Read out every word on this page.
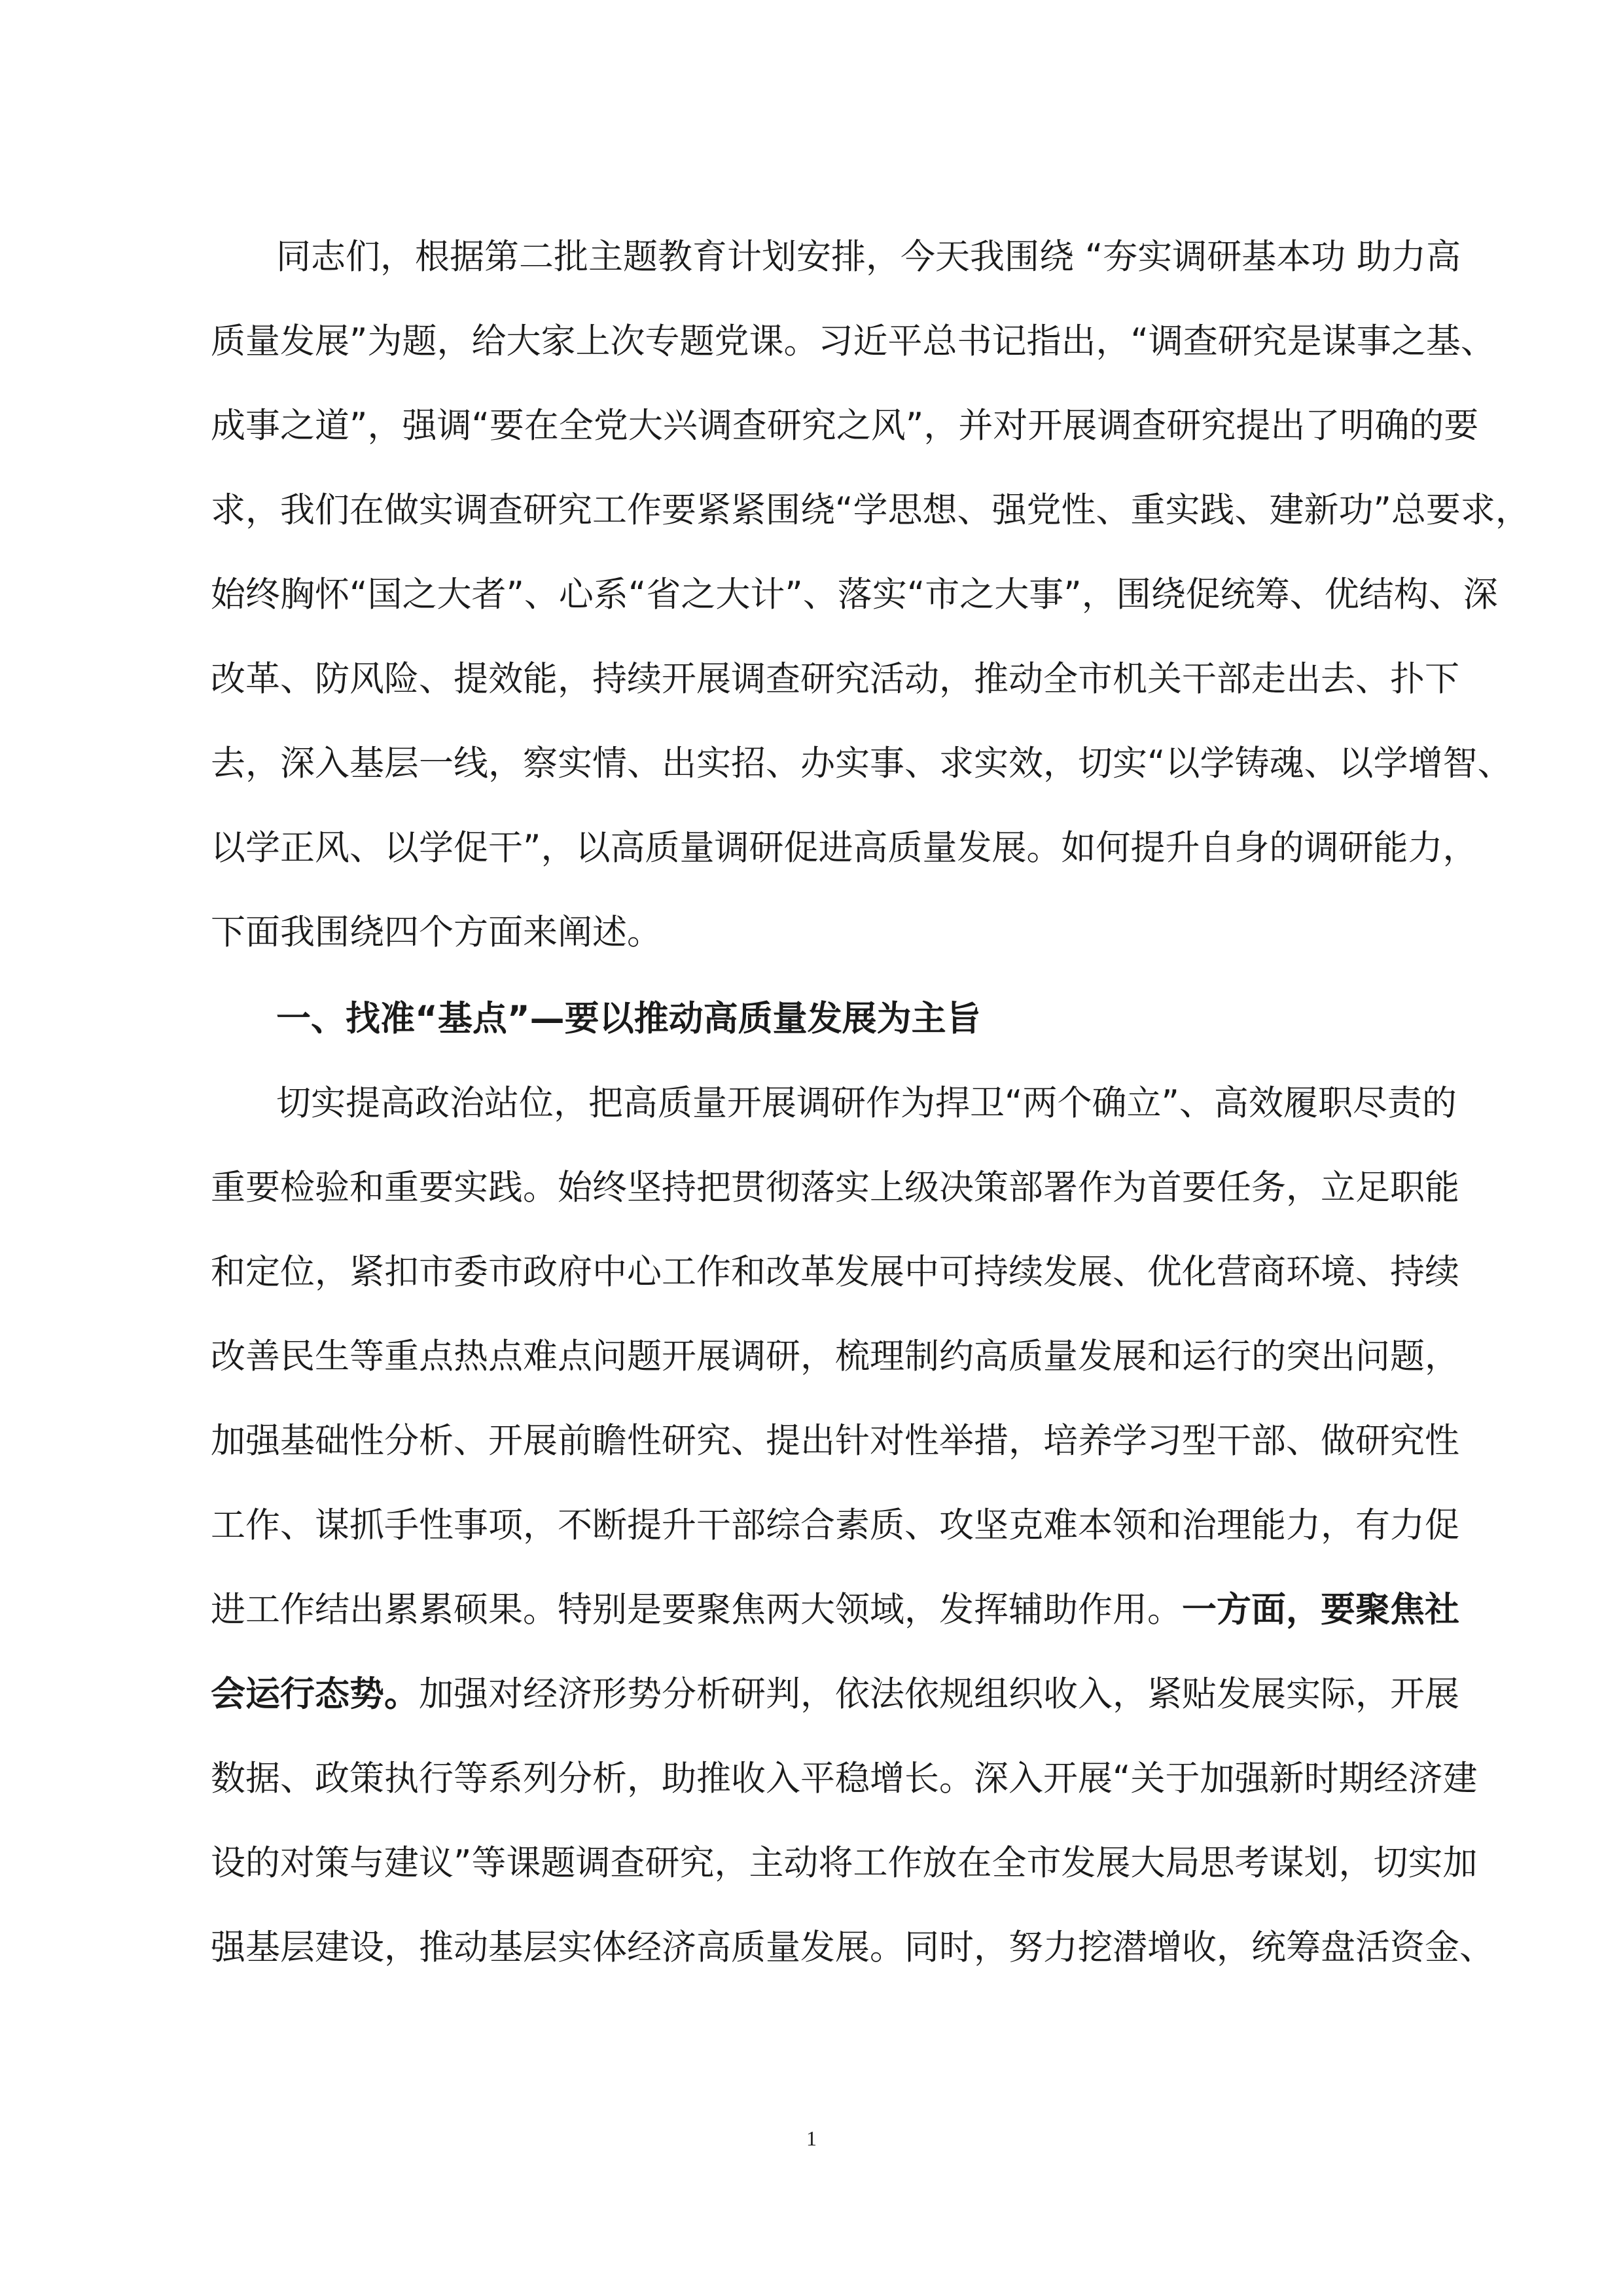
同志们，根据第二批主题教育计划安排，今天我围绕 “夯实调研基本功 助力高
质量发展”为题，给大家上次专题党课。习近平总书记指出，“调查研究是谋事之基、
成事之道”，强调“要在全党大兴调查研究之风”，并对开展调查研究提出了明确的要
求，我们在做实调查研究工作要紧紧围绕“学思想、强党性、重实践、建新功”总要求，
始终胸怀“国之大者”、心系“省之大计”、落实“市之大事”，围绕促统筹、优结构、深
改革、防风险、提效能，持续开展调查研究活动，推动全市机关干部走出去、扑下
去，深入基层一线，察实情、出实招、办实事、求实效，切实“以学铸魂、以学增智、
以学正风、以学促干”，以高质量调研促进高质量发展。如何提升自身的调研能力，
下面我围绕四个方面来阐述。
一、找准“基点”—要以推动高质量发展为主旨
切实提高政治站位，把高质量开展调研作为捍卫“两个确立”、高效履职尽责的
重要检验和重要实践。始终坚持把贯彻落实上级决策部署作为首要任务，立足职能
和定位，紧扣市委市政府中心工作和改革发展中可持续发展、优化营商环境、持续
改善民生等重点热点难点问题开展调研，梳理制约高质量发展和运行的突出问题，
加强基础性分析、开展前瞻性研究、提出针对性举措，培养学习型干部、做研究性
工作、谋抓手性事项，不断提升干部综合素质、攻坚克难本领和治理能力，有力促
进工作结出累累硕果。特别是要聚焦两大领域，发挥辅助作用。一方面，要聚焦社
会运行态势。加强对经济形势分析研判，依法依规组织收入，紧贴发展实际，开展
数据、政策执行等系列分析，助推收入平稳增长。深入开展“关于加强新时期经济建
设的对策与建议”等课题调查研究，主动将工作放在全市发展大局思考谋划，切实加
强基层建设，推动基层实体经济高质量发展。同时，努力挖潜增收，统筹盘活资金、
1
